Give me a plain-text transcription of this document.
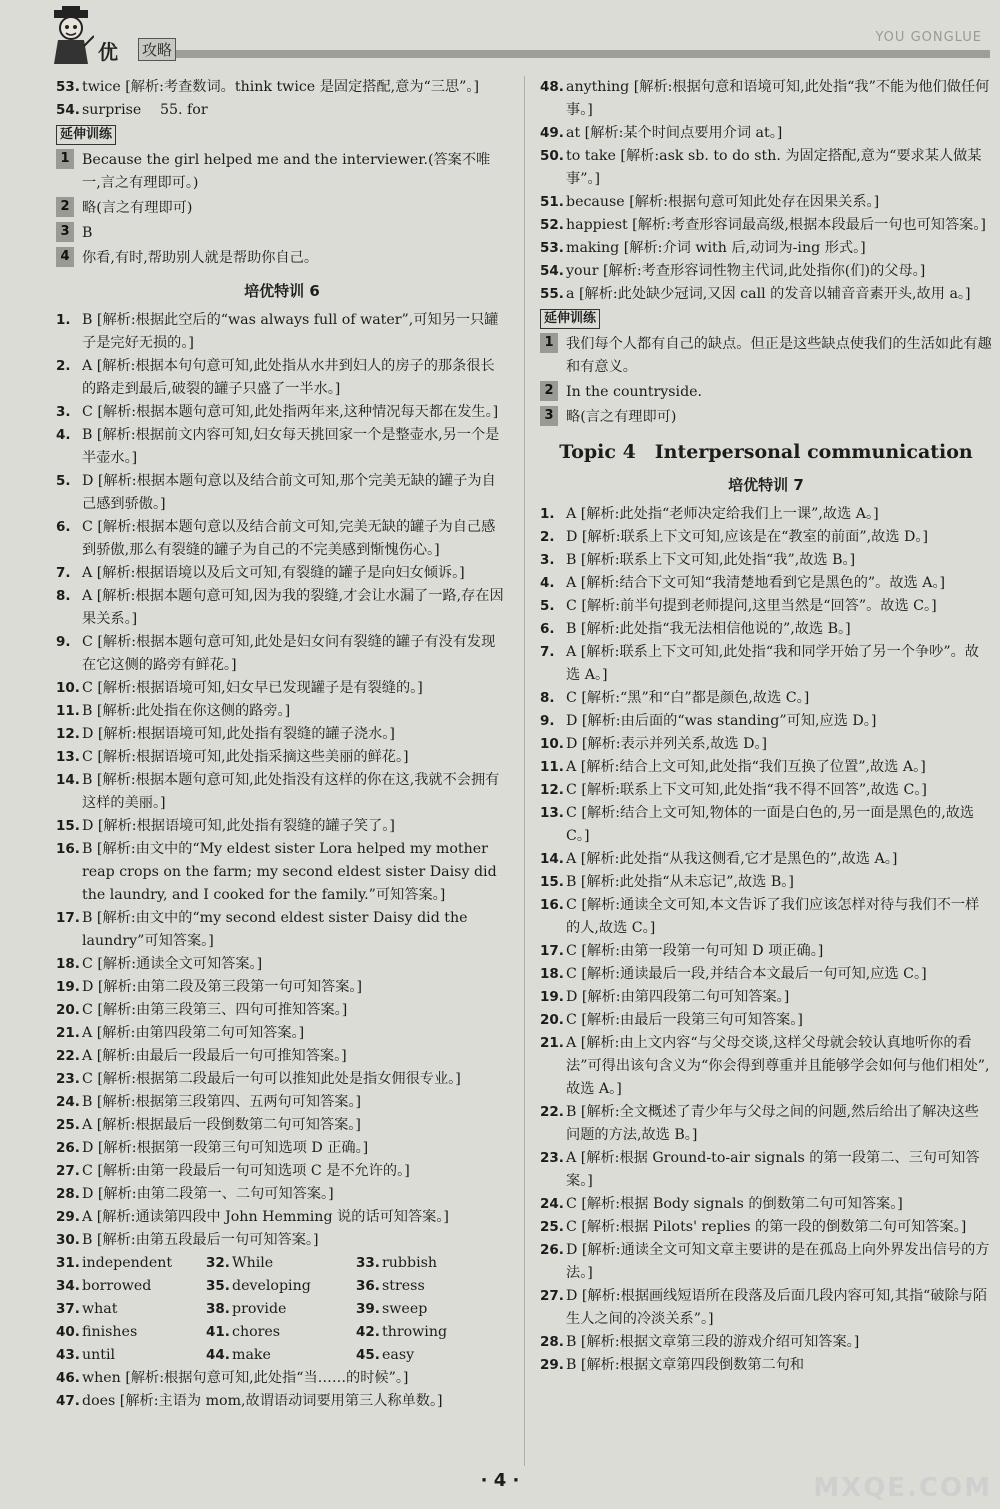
优 攻略
YOU GONGLUE
53. twice [解析:考查数词。think twice 是固定搭配,意为“三思”。]
54. surprise　 55. for
延伸训练
1 Because the girl helped me and the interviewer.(答案不唯一,言之有理即可。)
2 略(言之有理即可)
3 B
4 你看,有时,帮助别人就是帮助你自己。
培优特训 6
1. B [解析:根据此空后的“was always full of water”,可知另一只罐子是完好无损的。]
2. A [解析:根据本句句意可知,此处指从水井到妇人的房子的那条很长的路走到最后,破裂的罐子只盛了一半水。]
3. C [解析:根据本题句意可知,此处指两年来,这种情况每天都在发生。]
4. B [解析:根据前文内容可知,妇女每天挑回家一个是整壶水,另一个是半壶水。]
5. D [解析:根据本题句意以及结合前文可知,那个完美无缺的罐子为自己感到骄傲。]
6. C [解析:根据本题句意以及结合前文可知,完美无缺的罐子为自己感到骄傲,那么有裂缝的罐子为自己的不完美感到惭愧伤心。]
7. A [解析:根据语境以及后文可知,有裂缝的罐子是向妇女倾诉。]
8. A [解析:根据本题句意可知,因为我的裂缝,才会让水漏了一路,存在因果关系。]
9. C [解析:根据本题句意可知,此处是妇女问有裂缝的罐子有没有发现在它这侧的路旁有鲜花。]
10. C [解析:根据语境可知,妇女早已发现罐子是有裂缝的。]
11. B [解析:此处指在你这侧的路旁。]
12. D [解析:根据语境可知,此处指有裂缝的罐子浇水。]
13. C [解析:根据语境可知,此处指采摘这些美丽的鲜花。]
14. B [解析:根据本题句意可知,此处指没有这样的你在这,我就不会拥有这样的美丽。]
15. D [解析:根据语境可知,此处指有裂缝的罐子笑了。]
16. B [解析:由文中的“My eldest sister Lora helped my mother reap crops on the farm; my second eldest sister Daisy did the laundry, and I cooked for the family.”可知答案。]
17. B [解析:由文中的“my second eldest sister Daisy did the laundry”可知答案。]
18. C [解析:通读全文可知答案。]
19. D [解析:由第二段及第三段第一句可知答案。]
20. C [解析:由第三段第三、四句可推知答案。]
21. A [解析:由第四段第二句可知答案。]
22. A [解析:由最后一段最后一句可推知答案。]
23. C [解析:根据第二段最后一句可以推知此处是指女佣很专业。]
24. B [解析:根据第三段第四、五两句可知答案。]
25. A [解析:根据最后一段倒数第二句可知答案。]
26. D [解析:根据第一段第三句可知选项 D 正确。]
27. C [解析:由第一段最后一句可知选项 C 是不允许的。]
28. D [解析:由第二段第一、二句可知答案。]
29. A [解析:通读第四段中 John Hemming 说的话可知答案。]
30. B [解析:由第五段最后一句可知答案。]
31. independent	32. While	33. rubbish
34. borrowed	35. developing	36. stress
37. what	38. provide	39. sweep
40. finishes	41. chores	42. throwing
43. until	44. make	45. easy
46. when [解析:根据句意可知,此处指“当……的时候”。]
47. does [解析:主语为 mom,故谓语动词要用第三人称单数。]
48. anything [解析:根据句意和语境可知,此处指“我”不能为他们做任何事。]
49. at [解析:某个时间点要用介词 at。]
50. to take [解析:ask sb. to do sth. 为固定搭配,意为“要求某人做某事”。]
51. because [解析:根据句意可知此处存在因果关系。]
52. happiest [解析:考查形容词最高级,根据本段最后一句也可知答案。]
53. making [解析:介词 with 后,动词为-ing 形式。]
54. your [解析:考查形容词性物主代词,此处指你(们)的父母。]
55. a [解析:此处缺少冠词,又因 call 的发音以辅音音素开头,故用 a。]
延伸训练
1 我们每个人都有自己的缺点。但正是这些缺点使我们的生活如此有趣和有意义。
2 In the countryside.
3 略(言之有理即可)
Topic 4　Interpersonal communication
培优特训 7
1. A [解析:此处指“老师决定给我们上一课”,故选 A。]
2. D [解析:联系上下文可知,应该是在“教室的前面”,故选 D。]
3. B [解析:联系上下文可知,此处指“我”,故选 B。]
4. A [解析:结合下文可知“我清楚地看到它是黑色的”。故选 A。]
5. C [解析:前半句提到老师提问,这里当然是“回答”。故选 C。]
6. B [解析:此处指“我无法相信他说的”,故选 B。]
7. A [解析:联系上下文可知,此处指“我和同学开始了另一个争吵”。故选 A。]
8. C [解析:“黑”和“白”都是颜色,故选 C。]
9. D [解析:由后面的“was standing”可知,应选 D。]
10. D [解析:表示并列关系,故选 D。]
11. A [解析:结合上文可知,此处指“我们互换了位置”,故选 A。]
12. C [解析:联系上下文可知,此处指“我不得不回答”,故选 C。]
13. C [解析:结合上文可知,物体的一面是白色的,另一面是黑色的,故选 C。]
14. A [解析:此处指“从我这侧看,它才是黑色的”,故选 A。]
15. B [解析:此处指“从未忘记”,故选 B。]
16. C [解析:通读全文可知,本文告诉了我们应该怎样对待与我们不一样的人,故选 C。]
17. C [解析:由第一段第一句可知 D 项正确。]
18. C [解析:通读最后一段,并结合本文最后一句可知,应选 C。]
19. D [解析:由第四段第二句可知答案。]
20. C [解析:由最后一段第三句可知答案。]
21. A [解析:由上文内容“与父母交谈,这样父母就会较认真地听你的看法”可得出该句含义为“你会得到尊重并且能够学会如何与他们相处”,故选 A。]
22. B [解析:全文概述了青少年与父母之间的问题,然后给出了解决这些问题的方法,故选 B。]
23. A [解析:根据 Ground-to-air signals 的第一段第二、三句可知答案。]
24. C [解析:根据 Body signals 的倒数第二句可知答案。]
25. C [解析:根据 Pilots' replies 的第一段的倒数第二句可知答案。]
26. D [解析:通读全文可知文章主要讲的是在孤岛上向外界发出信号的方法。]
27. D [解析:根据画线短语所在段落及后面几段内容可知,其指“破除与陌生人之间的冷淡关系”。]
28. B [解析:根据文章第三段的游戏介绍可知答案。]
29. B [解析:根据文章第四段倒数第二句和
· 4 ·	MXQE.COM
